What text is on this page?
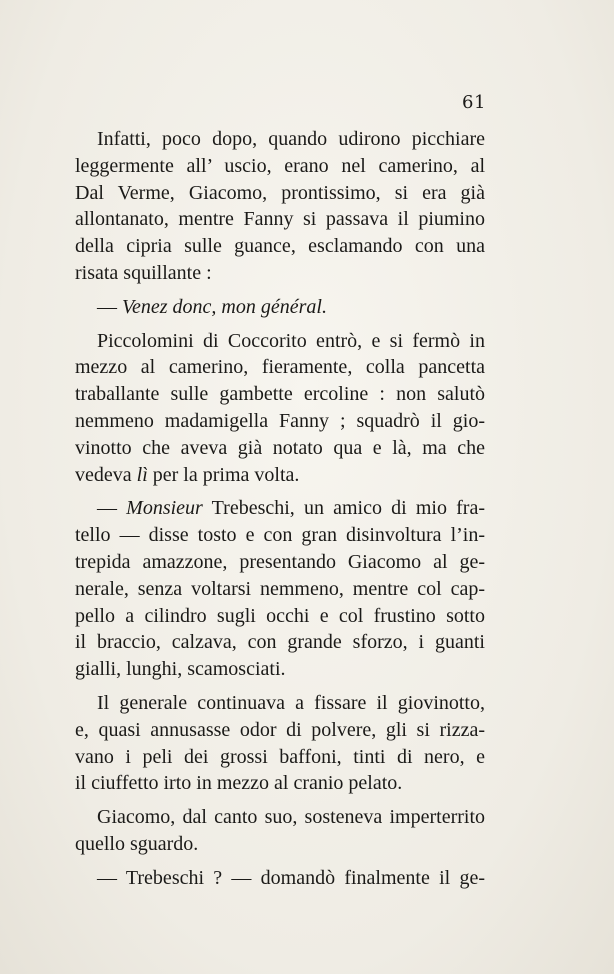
61
Infatti, poco dopo, quando udirono picchiare
leggermente all’ uscio, erano nel camerino, al
Dal Verme, Giacomo, prontissimo, si era già
allontanato, mentre Fanny si passava il piumino
della cipria sulle guance, esclamando con una
risata squillante :
— Venez donc, mon général.
Piccolomini di Coccorito entrò, e si fermò in
mezzo al camerino, fieramente, colla pancetta
traballante sulle gambette ercoline : non salutò
nemmeno madamigella Fanny ; squadrò il gio-
vinotto che aveva già notato qua e là, ma che
vedeva lì per la prima volta.
— Monsieur Trebeschi, un amico di mio fra-
tello — disse tosto e con gran disinvoltura l’in-
trepida amazzone, presentando Giacomo al ge-
nerale, senza voltarsi nemmeno, mentre col cap-
pello a cilindro sugli occhi e col frustino sotto
il braccio, calzava, con grande sforzo, i guanti
gialli, lunghi, scamosciati.
Il generale continuava a fissare il giovinotto,
e, quasi annusasse odor di polvere, gli si rizza-
vano i peli dei grossi baffoni, tinti di nero, e
il ciuffetto irto in mezzo al cranio pelato.
Giacomo, dal canto suo, sosteneva imperterrito
quello sguardo.
— Trebeschi ? — domandò finalmente il ge-
